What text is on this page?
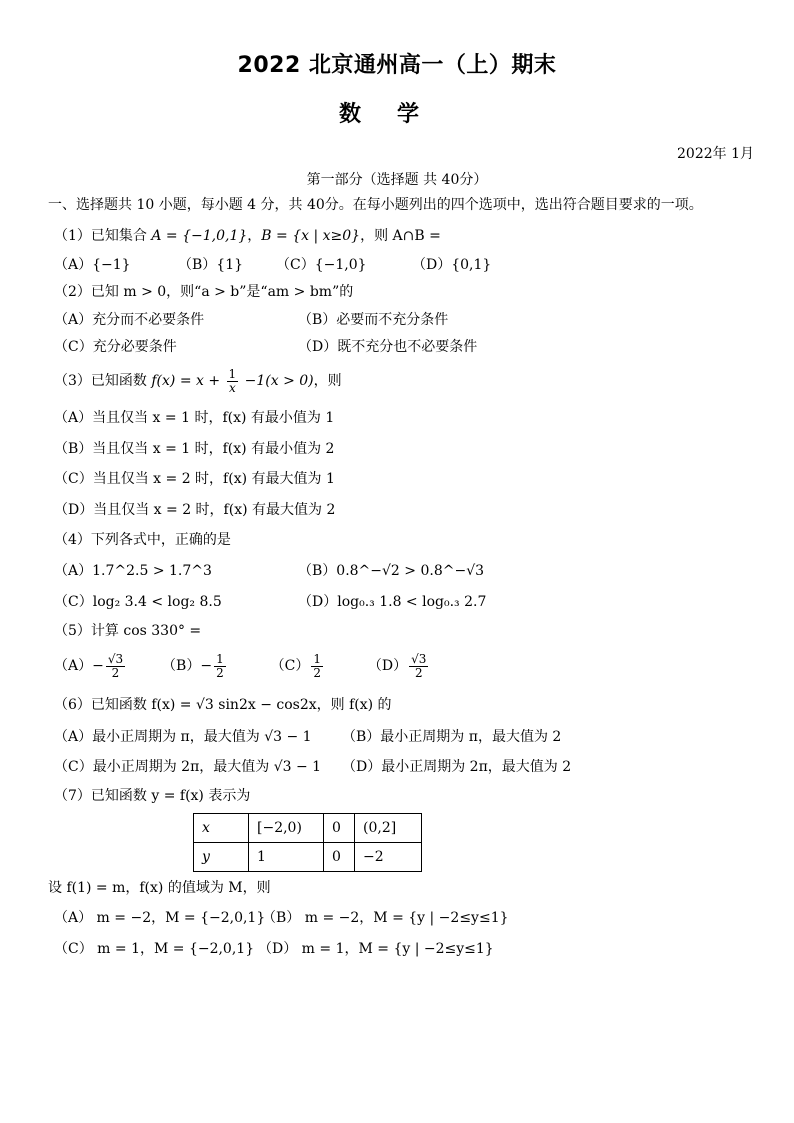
2022 北京通州高一（上）期末
数学
2022年 1月
第一部分（选择题 共 40分）
一、选择题共 10 小题，每小题 4 分，共 40分。在每小题列出的四个选项中，选出符合题目要求的一项。
（1）已知集合 A = {−1,0,1}，B = {x | x≥0}，则 A∩B =
（A）{−1}	（B）{1} （C）{−1,0}	（D）{0,1}
（2）已知 m > 0，则“a > b”是“am > bm”的
（A）充分而不必要条件	（B）必要而不充分条件
（C）充分必要条件	（D）既不充分也不必要条件
（3）已知函数 $f(x) = x + \frac{1}{x} -1(x > 0)$，则
（A）当且仅当 x = 1 时，f(x) 有最小值为 1
（B）当且仅当 x = 1 时，f(x) 有最小值为 2
（C）当且仅当 x = 2 时，f(x) 有最大值为 1
（D）当且仅当 x = 2 时，f(x) 有最大值为 2
（4）下列各式中，正确的是
（A）1.7^2.5 > 1.7^3	（B）0.8^−√2 > 0.8^−√3
（C）log₂ 3.4 < log₂ 8.5	（D）log₀.₃ 1.8 < log₀.₃ 2.7
（5）计算 cos 330° =
$(A)- \frac{√3}{2}$	$(B)- \frac{1}{2}$	$(C) \frac{1}{2}$	$(D) \frac{√3}{2}$
（6）已知函数 f(x) = √3 sin2x − cos2x，则 f(x) 的
（A）最小正周期为 π，最大值为 √3 − 1 （B）最小正周期为 π，最大值为 2
（C）最小正周期为 2π，最大值为 √3 − 1 （D）最小正周期为 2π，最大值为 2
（7）已知函数 y = f(x) 表示为
x	[−2,0)	0	(0,2]
y	1	0	−2
设 f(1) = m，f(x) 的值域为 M，则
（A） m = −2，M = {−2,0,1}
（B） m = −2，M = {y | −2≤y≤1}
（C） m = 1，M = {−2,0,1} （D） m = 1，M = {y | −2≤y≤1}
